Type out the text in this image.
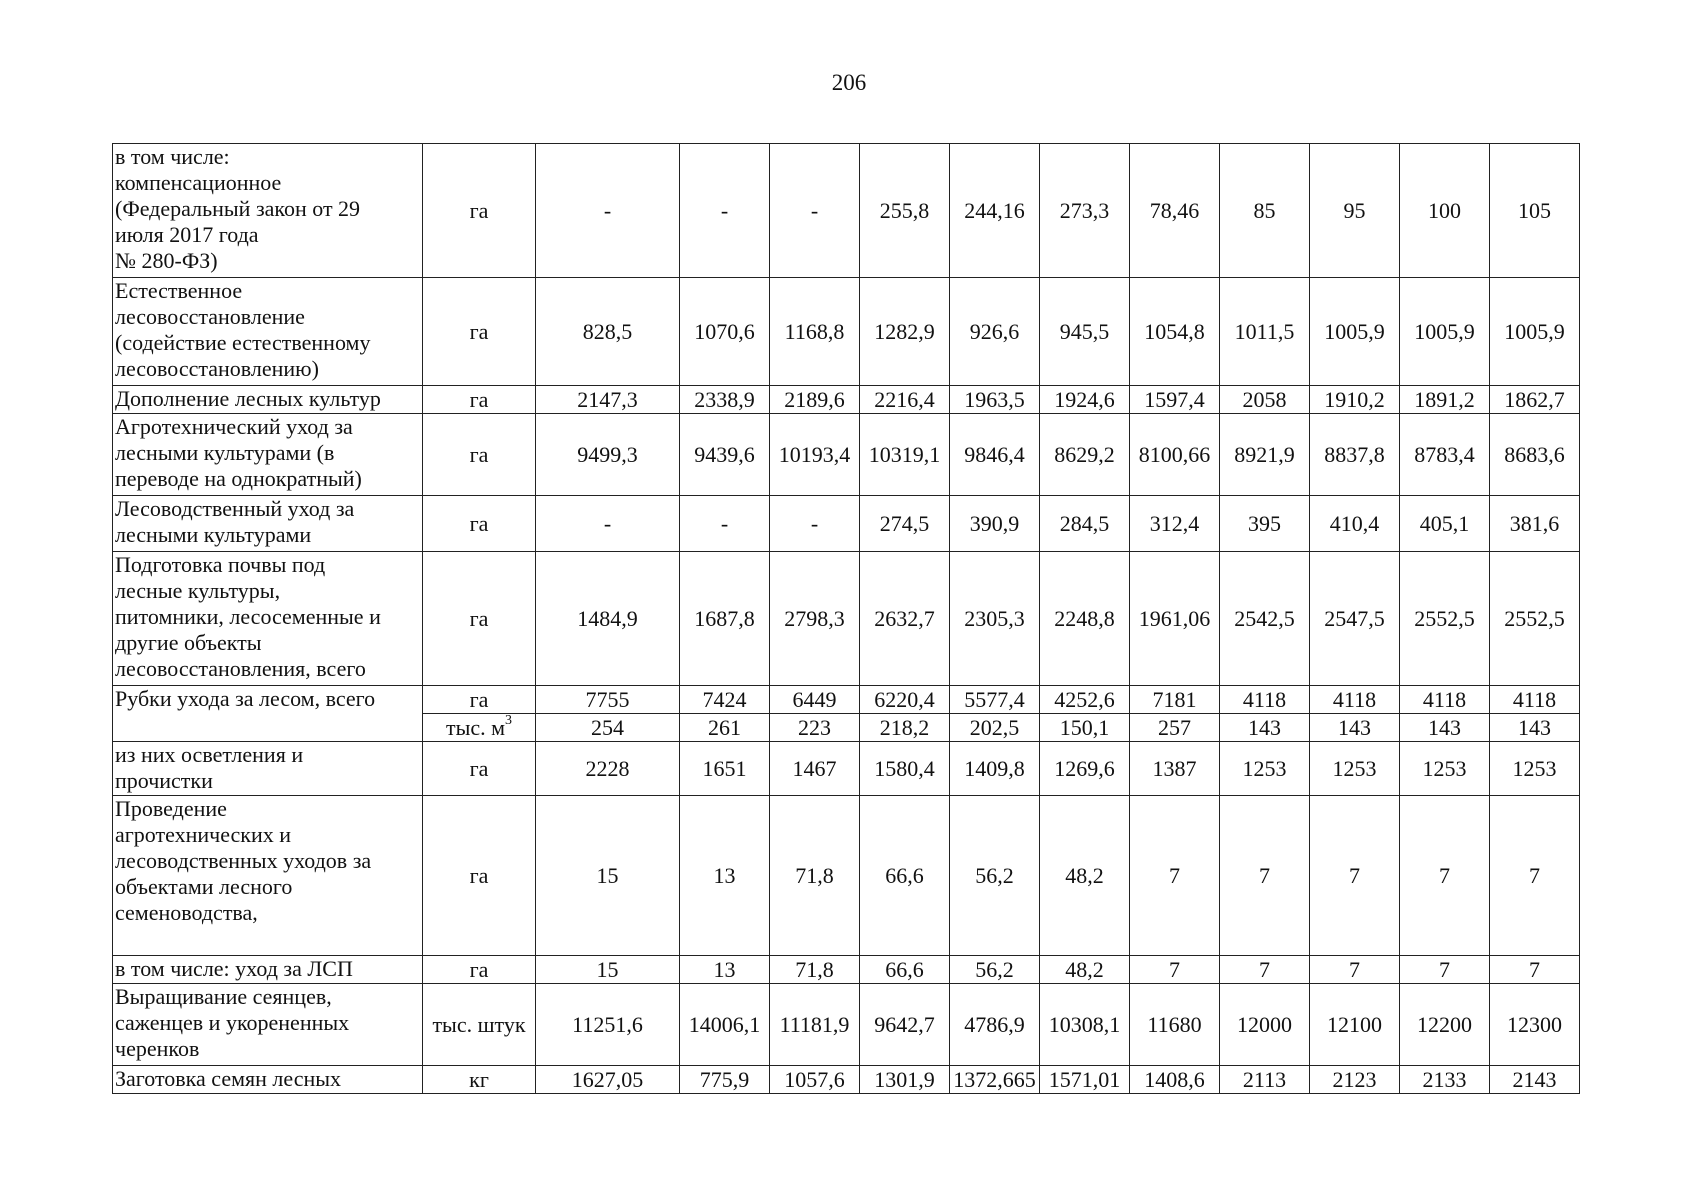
206
в том числе:
компенсационное
(Федеральный закон от 29
июля 2017 года
№ 280-ФЗ)	га	-	-	-	255,8	244,16	273,3	78,46	85	95	100	105
Естественное
лесовосстановление
(содействие естественному
лесовосстановлению)	га	828,5	1070,6	1168,8	1282,9	926,6	945,5	1054,8	1011,5	1005,9	1005,9	1005,9
Дополнение лесных культур	га	2147,3	2338,9	2189,6	2216,4	1963,5	1924,6	1597,4	2058	1910,2	1891,2	1862,7
Агротехнический уход за
лесными культурами (в
переводе на однократный)	га	9499,3	9439,6	10193,4	10319,1	9846,4	8629,2	8100,66	8921,9	8837,8	8783,4	8683,6
Лесоводственный уход за
лесными культурами	га	-	-	-	274,5	390,9	284,5	312,4	395	410,4	405,1	381,6
Подготовка почвы под
лесные культуры,
питомники, лесосеменные и
другие объекты
лесовосстановления, всего	га	1484,9	1687,8	2798,3	2632,7	2305,3	2248,8	1961,06	2542,5	2547,5	2552,5	2552,5
Рубки ухода за лесом, всего	га	7755	7424	6449	6220,4	5577,4	4252,6	7181	4118	4118	4118	4118
	тыс. $м^3$	254	261	223	218,2	202,5	150,1	257	143	143	143	143
из них осветления и
прочистки	га	2228	1651	1467	1580,4	1409,8	1269,6	1387	1253	1253	1253	1253
Проведение
агротехнических и
лесоводственных уходов за
объектами лесного
семеноводства,	га	15	13	71,8	66,6	56,2	48,2	7	7	7	7	7
в том числе: уход за ЛСП	га	15	13	71,8	66,6	56,2	48,2	7	7	7	7	7
Выращивание сеянцев,
саженцев и укорененных
черенков	тыс. штук	11251,6	14006,1	11181,9	9642,7	4786,9	10308,1	11680	12000	12100	12200	12300
Заготовка семян лесных	кг	1627,05	775,9	1057,6	1301,9	1372,665	1571,01	1408,6	2113	2123	2133	2143
